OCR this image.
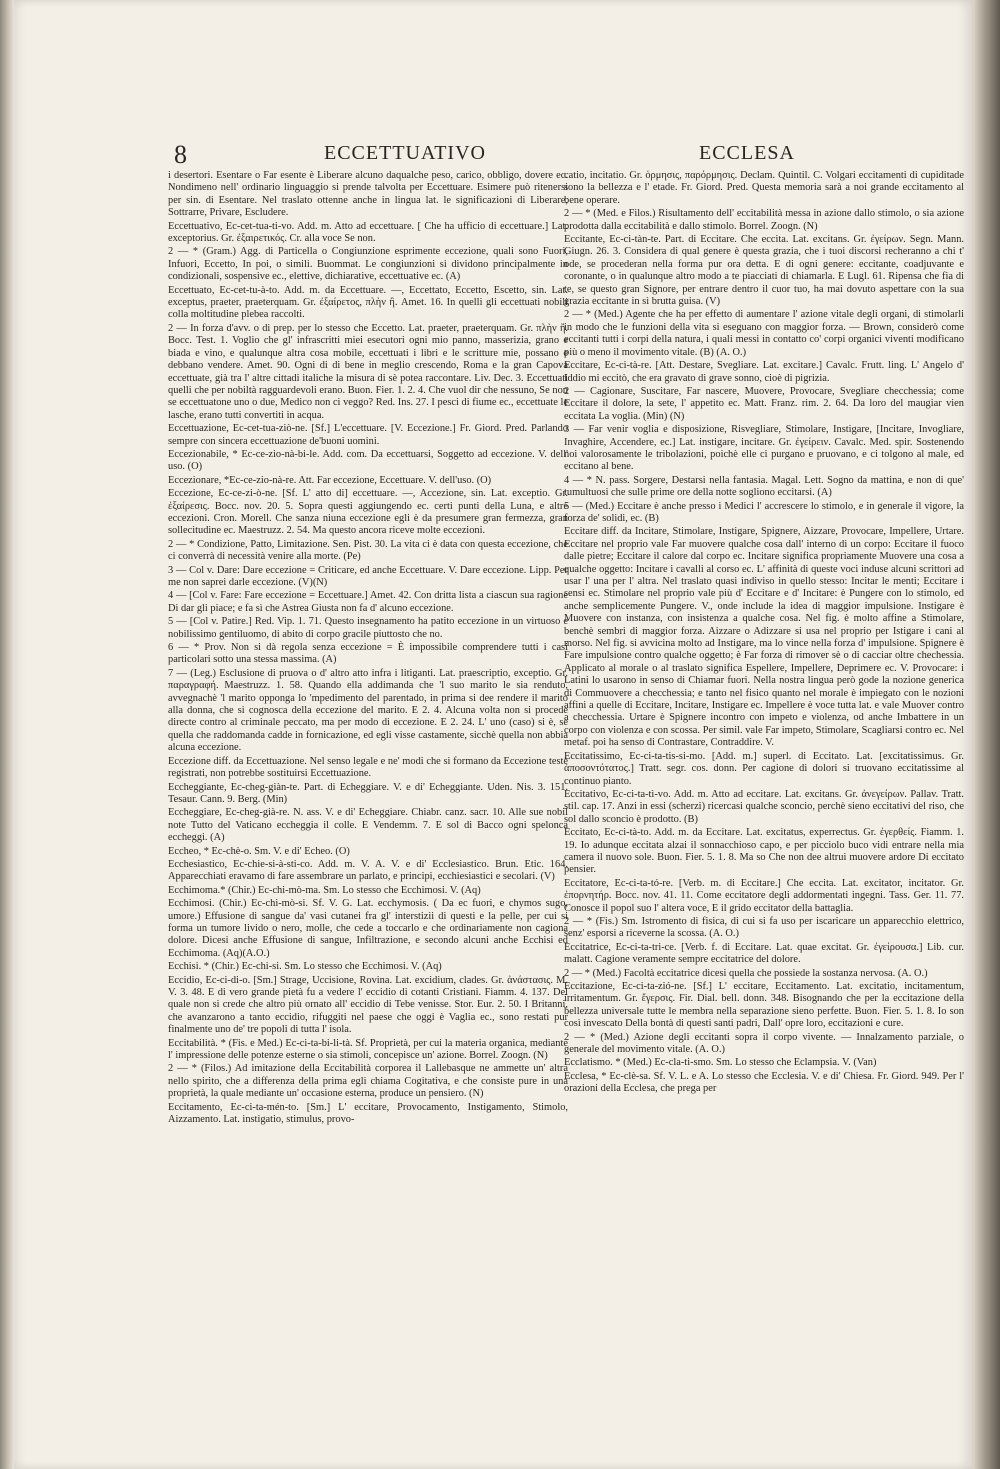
8	ECCETTUATIVO	ECCLESA

i desertori. Esentare o Far esente è Liberare alcuno daqualche peso, carico, obbligo, dovere ec. Nondimeno nell' ordinario linguaggio si prende talvolta per Eccettuare. Esimere può ritenersi per sin. di Esentare. Nel traslato ottenne anche in lingua lat. le significazioni di Liberare, Sottrarre, Privare, Escludere.

Eccettuativo, Ec-cet-tua-ti-vo. Add. m. Atto ad eccettuare. [ Che ha ufficio di eccettuare.] Lat. exceptorius. Gr. ἐξαιρετικός. Cr. alla voce Se non.

2 — * (Gram.) Agg. di Particella o Congiunzione esprimente eccezione, quali sono Fuori, Infuori, Eccetto, In poi, o simili. Buommat. Le congiunzioni si dividono principalmente in condizionali, sospensive ec., elettive, dichiarative, eccettuative ec. (A)

Eccettuato, Ec-cet-tu-à-to. Add. m. da Eccettuare. —, Eccettato, Eccetto, Escetto, sin. Lat. exceptus, praeter, praeterquam. Gr. ἐξαίρετος, πλὴν ἢ. Amet. 16. In quelli gli eccettuati nobili colla moltitudine plebea raccolti.

2 — In forza d'avv. o di prep. per lo stesso che Eccetto. Lat. praeter, praeterquam. Gr. πλὴν ἢ. Bocc. Test. 1. Voglio che gl' infrascritti miei esecutori ogni mio panno, masserizia, grano e biada e vino, e qualunque altra cosa mobile, eccettuati i libri e le scritture mie, possano e debbano vendere. Amet. 90. Ogni di di bene in meglio crescendo, Roma e la gran Capova eccettuate, già tra l' altre cittadi italiche la misura di sè potea raccontare. Liv. Dec. 3. Eccettuati quelli che per nobiltà ragguardevoli erano. Buon. Fier. 1. 2. 4. Che vuol dir che nessuno, Se non se eccettuatone uno o due, Medico non ci veggo? Red. Ins. 27. I pesci di fiume ec., eccettuate le lasche, erano tutti convertiti in acqua.

Eccettuazione, Ec-cet-tua-ziò-ne. [Sf.] L'eccettuare. [V. Eccezione.] Fr. Giord. Pred. Parlando sempre con sincera eccettuazione de'buoni uomini.

Eccezionabile, * Ec-ce-zio-nà-bi-le. Add. com. Da eccettuarsi, Soggetto ad eccezione. V. dell' uso. (O)

Eccezionare, *Ec-ce-zio-nà-re. Att. Far eccezione, Eccettuare. V. dell'uso. (O)

Eccezione, Ec-ce-zi-ò-ne. [Sf. L' atto di] eccettuare. —, Accezione, sin. Lat. exceptio. Gr. ἐξαίρεσις. Bocc. nov. 20. 5. Sopra questi aggiungendo ec. certi punti della Luna, e altre eccezioni. Cron. Morell. Che sanza niuna eccezione egli è da presumere gran fermezza, gran sollecitudine ec. Maestruzz. 2. 54. Ma questo ancora riceve molte eccezioni.

2 — * Condizione, Patto, Limitazione. Sen. Pist. 30. La vita ci è data con questa eccezione, che ci converrà di necessità venire alla morte. (Pe)

3 — Col v. Dare: Dare eccezione = Criticare, ed anche Eccettuare. V. Dare eccezione. Lipp. Per me non saprei darle eccezione. (V)(N)

4 — [Col v. Fare: Fare eccezione = Eccettuare.] Amet. 42. Con dritta lista a ciascun sua ragione Di dar gli piace; e fa sì che Astrea Giusta non fa d' alcuno eccezione.

5 — [Col v. Patire.] Red. Vip. 1. 71. Questo insegnamento ha patito eccezione in un virtuoso e nobilissimo gentiluomo, di abito di corpo gracile piuttosto che no.

6 — * Prov. Non si dà regola senza eccezione = È impossibile comprendere tutti i casi particolari sotto una stessa massima. (A)

7 — (Leg.) Esclusione di pruova o d' altro atto infra i litiganti. Lat. praescriptio, exceptio. Gr. παραγραφή. Maestruzz. 1. 58. Quando ella addimanda che 'l suo marito le sia renduto, avvegnachè 'l marito opponga lo 'mpedimento del parentado, in prima si dee rendere il marito alla donna, che si cognosca della eccezione del marito. E 2. 4. Alcuna volta non si procede directe contro al criminale peccato, ma per modo di eccezione. E 2. 24. L' uno (caso) si è, se quella che raddomanda cadde in fornicazione, ed egli visse castamente, sicchè quella non abbia alcuna eccezione.

Eccezione diff. da Eccettuazione. Nel senso legale e ne' modi che si formano da Eccezione testè registrati, non potrebbe sostituirsi Eccettuazione.

Eccheggiante, Ec-cheg-giàn-te. Part. di Echeggiare. V. e di' Echeggiante. Uden. Nis. 3. 151. Tesaur. Cann. 9. Berg. (Min)

Eccheggiare, Ec-cheg-già-re. N. ass. V. e di' Echeggiare. Chiabr. canz. sacr. 10. Alle sue nobil note Tutto del Vaticano eccheggia il colle. E Vendemm. 7. E sol di Bacco ogni spelonca eccheggi. (A)

Eccheo, * Ec-chè-o. Sm. V. e di' Echeo. (O)

Ecchesiastico, Ec-chie-si-à-sti-co. Add. m. V. A. V. e di' Ecclesiastico. Brun. Etic. 164. Apparecchiati eravamo di fare assembrare un parlato, e principi, ecchiesiastici e secolari. (V)

Ecchimoma.* (Chir.) Ec-chi-mò-ma. Sm. Lo stesso che Ecchimosi. V. (Aq)

Ecchimosi. (Chir.) Ec-chi-mò-si. Sf. V. G. Lat. ecchymosis. ( Da ec fuori, e chymos sugo, umore.) Effusione di sangue da' vasi cutanei fra gl' interstizii di questi e la pelle, per cui si forma un tumore livido o nero, molle, che cede a toccarlo e che ordinariamente non cagiona dolore. Dicesi anche Effusione di sangue, Infiltrazione, e secondo alcuni anche Ecchisi ed Ecchimoma. (Aq)(A.O.)

Ecchisi. * (Chir.) Ec-chi-si. Sm. Lo stesso che Ecchimosi. V. (Aq)

Eccidio, Ec-ci-di-o. [Sm.] Strage, Uccisione, Rovina. Lat. excidium, clades. Gr. ἀνάστασις. M. V. 3. 48. E di vero grande pietà fu a vedere l' eccidio di cotanti Cristiani. Fiamm. 4. 137. Del quale non si crede che altro più ornato all' eccidio di Tebe venisse. Stor. Eur. 2. 50. I Britanni, che avanzarono a tanto eccidio, rifuggiti nel paese che oggi è Vaglia ec., sono restati pur finalmente uno de' tre popoli di tutta l' isola.

Eccitabilità. * (Fis. e Med.) Ec-ci-ta-bi-li-tà. Sf. Proprietà, per cui la materia organica, mediante l' impressione delle potenze esterne o sia stimoli, concepisce un' azione. Borrel. Zoogn. (N)

2 — * (Filos.) Ad imitazione della Eccitabilità corporea il Lallebasque ne ammette un' altra nello spirito, che a differenza della prima egli chiama Cogitativa, e che consiste pure in una proprietà, la quale mediante un' occasione esterna, produce un pensiero. (N)

Eccitamento, Ec-ci-ta-mén-to. [Sm.] L' eccitare, Provocamento, Instigamento, Stimolo, Aizzamento. Lat. instigatio, stimulus, provo-

catio, incitatio. Gr. ὁρμησις, παρόρμησις. Declam. Quintil. C. Volgari eccitamenti di cupiditade sono la bellezza e l' etade. Fr. Giord. Pred. Questa memoria sarà a noi grande eccitamento al bene operare.

2 — * (Med. e Filos.) Risultamento dell' eccitabilità messa in azione dallo stimolo, o sia azione prodotta dalla eccitabilità e dallo stimolo. Borrel. Zoogn. (N)

Eccitante, Ec-ci-tàn-te. Part. di Eccitare. Che eccita. Lat. excitans. Gr. ἐγείρων. Segn. Mann. Giugn. 26. 3. Considera di qual genere è questa grazia, che i tuoi discorsi recheranno a chi t' ode, se procederan nella forma pur ora detta. E di ogni genere: eccitante, coadjuvante e coronante, o in qualunque altro modo a te piacciati di chiamarla. E Lugl. 61. Ripensa che fia di te, se questo gran Signore, per entrare dentro il cuor tuo, ha mai dovuto aspettare con la sua grazia eccitante in sì brutta guisa. (V)

2 — * (Med.) Agente che ha per effetto di aumentare l' azione vitale degli organi, di stimolarli in modo che le funzioni della vita si eseguano con maggior forza. — Brown, considerò come eccitanti tutti i corpi della natura, i quali messi in contatto co' corpi organici viventi modificano più o meno il movimento vitale. (B) (A. O.)

Eccitare, Ec-ci-tà-re. [Att. Destare, Svegliare. Lat. excitare.] Cavalc. Frutt. ling. L' Angelo d' Iddio mi eccitò, che era gravato di grave sonno, cioè di pigrizia.

2 — Cagionare, Suscitare, Far nascere, Muovere, Provocare, Svegliare checchessia; come Eccitare il dolore, la sete, l' appetito ec. Matt. Franz. rim. 2. 64. Da loro del maugiar vien eccitata La voglia. (Min) (N)

3 — Far venir voglia e disposizione, Risvegliare, Stimolare, Instigare, [Incitare, Invogliare, Invaghire, Accendere, ec.] Lat. instigare, incitare. Gr. ἐγείρειν. Cavalc. Med. spir. Sostenendo noi valorosamente le tribolazioni, poichè elle ci purgano e pruovano, e ci tolgono al male, ed eccitano al bene.

4 — * N. pass. Sorgere, Destarsi nella fantasia. Magal. Lett. Sogno da mattina, e non di que' tumultuosi che sulle prime ore della notte sogliono eccitarsi. (A)

5 — (Med.) Eccitare è anche presso i Medici l' accrescere lo stimolo, e in generale il vigore, la forza de' solidi, ec. (B)

Eccitare diff. da Incitare, Stimolare, Instigare, Spignere, Aizzare, Provocare, Impellere, Urtare. Eccitare nel proprio vale Far muovere qualche cosa dall' interno di un corpo: Eccitare il fuoco dalle pietre; Eccitare il calore dal corpo ec. Incitare significa propriamente Muovere una cosa a qualche oggetto: Incitare i cavalli al corso ec. L' affinità di queste voci induse alcuni scrittori ad usar l' una per l' altra. Nel traslato quasi indiviso in quello stesso: Incitar le menti; Eccitare i sensi ec. Stimolare nel proprio vale più d' Eccitare e d' Incitare: è Pungere con lo stimolo, ed anche semplicemente Pungere. V., onde include la idea di maggior impulsione. Instigare è Muovere con instanza, con insistenza a qualche cosa. Nel fig. è molto affine a Stimolare, benchè sembri di maggior forza. Aizzare o Adizzare si usa nel proprio per Istigare i cani al morso. Nel fig. si avvicina molto ad Instigare, ma lo vince nella forza d' impulsione. Spignere è Fare impulsione contro qualche oggetto; è Far forza di rimover sè o di cacciar oltre chechessia. Applicato al morale o al traslato significa Espellere, Impellere, Deprimere ec. V. Provocare: i Latini lo usarono in senso di Chiamar fuori. Nella nostra lingua però gode la nozione generica di Commuovere a checchessia; e tanto nel fisico quanto nel morale è impiegato con le nozioni affini a quelle di Eccitare, Incitare, Instigare ec. Impellere è voce tutta lat. e vale Muover contro a checchessia. Urtare è Spignere incontro con impeto e violenza, od anche Imbattere in un corpo con violenza e con scossa. Per simil. vale Far impeto, Stimolare, Scagliarsi contro ec. Nel metaf. poi ha senso di Contrastare, Contraddire. V.

Eccitatissimo, Ec-ci-ta-tis-si-mo. [Add. m.] superl. di Eccitato. Lat. [excitatissimus. Gr. ἀποσοντότατος.] Tratt. segr. cos. donn. Per cagione di dolori si truovano eccitatissime al continuo pianto.

Eccitativo, Ec-ci-ta-tì-vo. Add. m. Atto ad eccitare. Lat. excitans. Gr. ἀνεγείρων. Pallav. Tratt. stil. cap. 17. Anzi in essi (scherzi) ricercasi qualche sconcio, perchè sieno eccitativi del riso, che sol dallo sconcio è prodotto. (B)

Eccitato, Ec-ci-tà-to. Add. m. da Eccitare. Lat. excitatus, experrectus. Gr. ἐγερθείς. Fiamm. 1. 19. Io adunque eccitata alzai il sonnacchioso capo, e per picciolo buco vidi entrare nella mia camera il nuovo sole. Buon. Fier. 5. 1. 8. Ma so Che non dee altrui muovere ardore Di eccitato pensier.

Eccitatore, Ec-ci-ta-tó-re. [Verb. m. di Eccitare.] Che eccita. Lat. excitator, incitator. Gr. ἐπορνητήρ. Bocc. nov. 41. 11. Come eccitatore degli addormentati ingegni. Tass. Ger. 11. 77. Conosce il popol suo l' altera voce, E il grido eccitator della battaglia.

2 — * (Fis.) Sm. Istromento di fisica, di cui si fa uso per iscaricare un apparecchio elettrico, senz' esporsi a riceverne la scossa. (A. O.)

Eccitatrice, Ec-ci-ta-tri-ce. [Verb. f. di Eccitare. Lat. quae excitat. Gr. ἐγείρουσα.] Lib. cur. malatt. Cagione veramente sempre eccitatrice del dolore.

2 — * (Med.) Facoltà eccitatrice dicesi quella che possiede la sostanza nervosa. (A. O.)

Eccitazione, Ec-ci-ta-zió-ne. [Sf.] L' eccitare, Eccitamento. Lat. excitatio, incitamentum, irritamentum. Gr. ἔγερσις. Fir. Dial. bell. donn. 348. Bisognando che per la eccitazione della bellezza universale tutte le membra nella separazione sieno perfette. Buon. Fier. 5. 1. 8. Io son così invescato Della bontà di questi santi padri, Dall' opre loro, eccitazioni e cure.

2 — * (Med.) Azione degli eccitanti sopra il corpo vivente. — Innalzamento parziale, o generale del movimento vitale. (A. O.)

Ecclatismo. * (Med.) Ec-cla-ti-smo. Sm. Lo stesso che Eclampsia. V. (Van)

Ecclesa, * Ec-clè-sa. Sf. V. L. e A. Lo stesso che Ecclesia. V. e di' Chiesa. Fr. Giord. 949. Per l' orazioni della Ecclesa, che prega per
